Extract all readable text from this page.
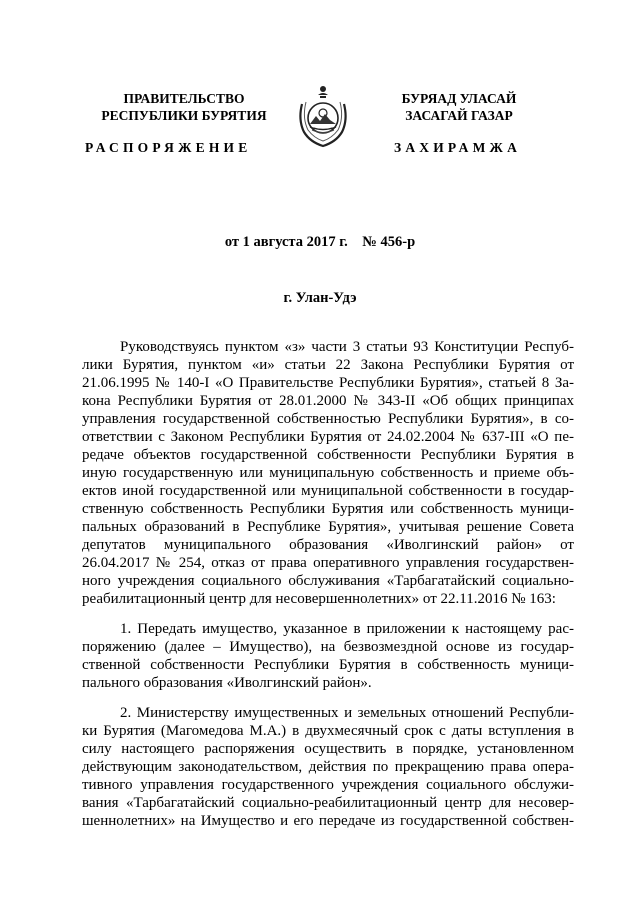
ПРАВИТЕЛЬСТВО
РЕСПУБЛИКИ БУРЯТИЯ
РАСПОРЯЖЕНИЕ
БУРЯАД УЛАСАЙ
ЗАСАГАЙ ГАЗАР
ЗАХИРАМЖА
от 1 августа 2017 г.    № 456-р
г. Улан-Удэ

Руководствуясь пунктом «з» части 3 статьи 93 Конституции Респуб-
лики Бурятия, пунктом «и» статьи 22 Закона Республики Бурятия от
21.06.1995 № 140-I «О Правительстве Республики Бурятия», статьей 8 За-
кона Республики Бурятия от 28.01.2000 № 343-II «Об общих принципах
управления государственной собственностью Республики Бурятия», в со-
ответствии с Законом Республики Бурятия от 24.02.2004 № 637-III «О пе-
редаче объектов государственной собственности Республики Бурятия в
иную государственную или муниципальную собственность и приеме объ-
ектов иной государственной или муниципальной собственности в государ-
ственную собственность Республики Бурятия или собственность муници-
пальных образований в Республике Бурятия», учитывая решение Совета
депутатов муниципального образования «Иволгинский район» от
26.04.2017 № 254, отказ от права оперативного управления государствен-
ного учреждения социального обслуживания «Тарбагатайский социально-
реабилитационный центр для несовершеннолетних» от 22.11.2016 № 163:

1. Передать имущество, указанное в приложении к настоящему рас-
поряжению (далее – Имущество), на безвозмездной основе из государ-
ственной собственности Республики Бурятия в собственность муници-
пального образования «Иволгинский район».

2. Министерству имущественных и земельных отношений Республи-
ки Бурятия (Магомедова М.А.) в двухмесячный срок с даты вступления в
силу настоящего распоряжения осуществить в порядке, установленном
действующим законодательством, действия по прекращению права опера-
тивного управления государственного учреждения социального обслужи-
вания «Тарбагатайский социально-реабилитационный центр для несовер-
шеннолетних» на Имущество и его передаче из государственной собствен-
